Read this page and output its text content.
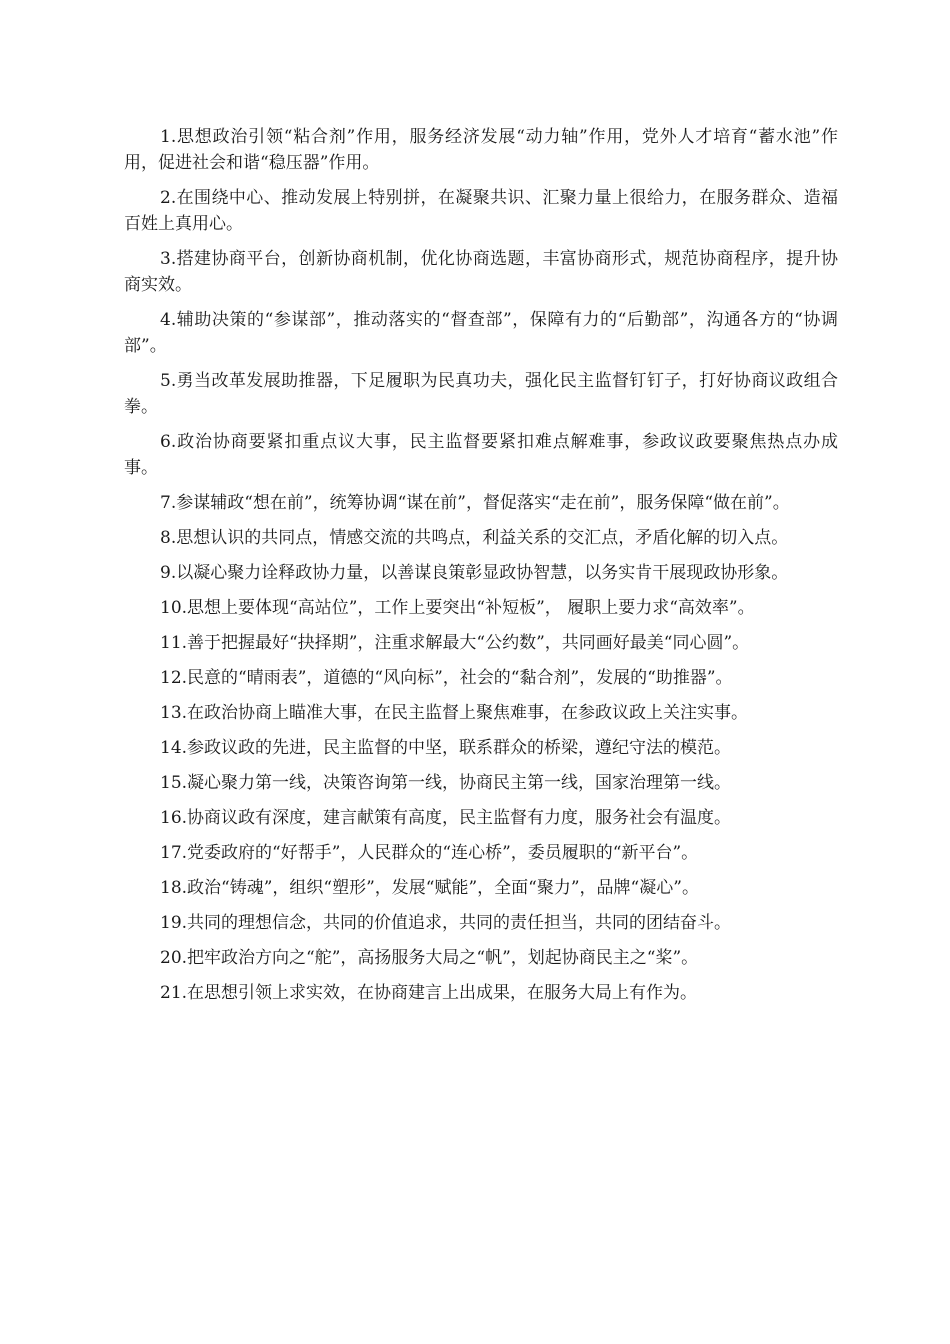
1.思想政治引领“粘合剂”作用，服务经济发展“动力轴”作用，党外人才培育“蓄水池”作用，促进社会和谐“稳压器”作用。

2.在围绕中心、推动发展上特别拼，在凝聚共识、汇聚力量上很给力，在服务群众、造福百姓上真用心。

3.搭建协商平台，创新协商机制，优化协商选题，丰富协商形式，规范协商程序，提升协商实效。

4.辅助决策的“参谋部”，推动落实的“督查部”，保障有力的“后勤部”，沟通各方的“协调部”。

5.勇当改革发展助推器，下足履职为民真功夫，强化民主监督钉钉子，打好协商议政组合拳。

6.政治协商要紧扣重点议大事，民主监督要紧扣难点解难事，参政议政要聚焦热点办成事。

7.参谋辅政“想在前”，统筹协调“谋在前”，督促落实“走在前”，服务保障“做在前”。

8.思想认识的共同点，情感交流的共鸣点，利益关系的交汇点，矛盾化解的切入点。

9.以凝心聚力诠释政协力量，以善谋良策彰显政协智慧，以务实肯干展现政协形象。

10.思想上要体现“高站位”，工作上要突出“补短板”， 履职上要力求“高效率”。

11.善于把握最好“抉择期”，注重求解最大“公约数”，共同画好最美“同心圆”。

12.民意的“晴雨表”，道德的“风向标”，社会的“黏合剂”，发展的“助推器”。

13.在政治协商上瞄准大事，在民主监督上聚焦难事，在参政议政上关注实事。

14.参政议政的先进，民主监督的中坚，联系群众的桥梁，遵纪守法的模范。

15.凝心聚力第一线，决策咨询第一线，协商民主第一线，国家治理第一线。

16.协商议政有深度，建言献策有高度，民主监督有力度，服务社会有温度。

17.党委政府的“好帮手”，人民群众的“连心桥”，委员履职的“新平台”。

18.政治“铸魂”，组织“塑形”，发展“赋能”，全面“聚力”，品牌“凝心”。

19.共同的理想信念，共同的价值追求，共同的责任担当，共同的团结奋斗。

20.把牢政治方向之“舵”，高扬服务大局之“帆”，划起协商民主之“桨”。

21.在思想引领上求实效，在协商建言上出成果，在服务大局上有作为。
